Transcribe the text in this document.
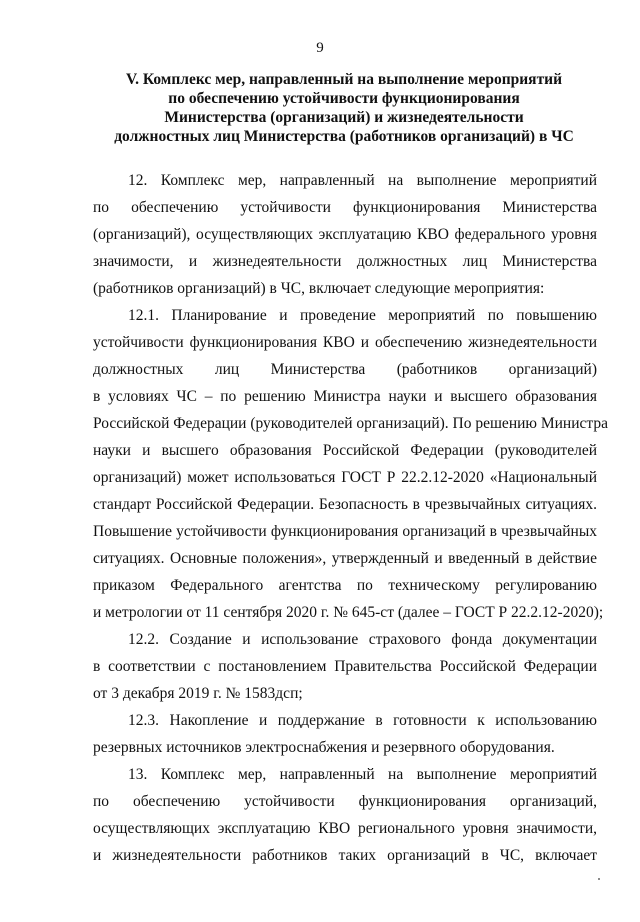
9
V. Комплекс мер, направленный на выполнение мероприятий
по обеспечению устойчивости функционирования
Министерства (организаций) и жизнедеятельности
должностных лиц Министерства (работников организаций) в ЧС
12. Комплекс мер, направленный на выполнение мероприятий
по обеспечению устойчивости функционирования Министерства
(организаций), осуществляющих эксплуатацию КВО федерального уровня
значимости, и жизнедеятельности должностных лиц Министерства
(работников организаций) в ЧС, включает следующие мероприятия:
12.1. Планирование и проведение мероприятий по повышению
устойчивости функционирования КВО и обеспечению жизнедеятельности
должностных лиц Министерства (работников организаций)
в условиях ЧС – по решению Министра науки и высшего образования
Российской Федерации (руководителей организаций). По решению Министра
науки и высшего образования Российской Федерации (руководителей
организаций) может использоваться ГОСТ Р 22.2.12-2020 «Национальный
стандарт Российской Федерации. Безопасность в чрезвычайных ситуациях.
Повышение устойчивости функционирования организаций в чрезвычайных
ситуациях. Основные положения», утвержденный и введенный в действие
приказом Федерального агентства по техническому регулированию
и метрологии от 11 сентября 2020 г. № 645-ст (далее – ГОСТ Р 22.2.12-2020);
12.2. Создание и использование страхового фонда документации
в соответствии с постановлением Правительства Российской Федерации
от 3 декабря 2019 г. № 1583дсп;
12.3. Накопление и поддержание в готовности к использованию
резервных источников электроснабжения и резервного оборудования.
13. Комплекс мер, направленный на выполнение мероприятий
по обеспечению устойчивости функционирования организаций,
осуществляющих эксплуатацию КВО регионального уровня значимости,
и жизнедеятельности работников таких организаций в ЧС, включает
